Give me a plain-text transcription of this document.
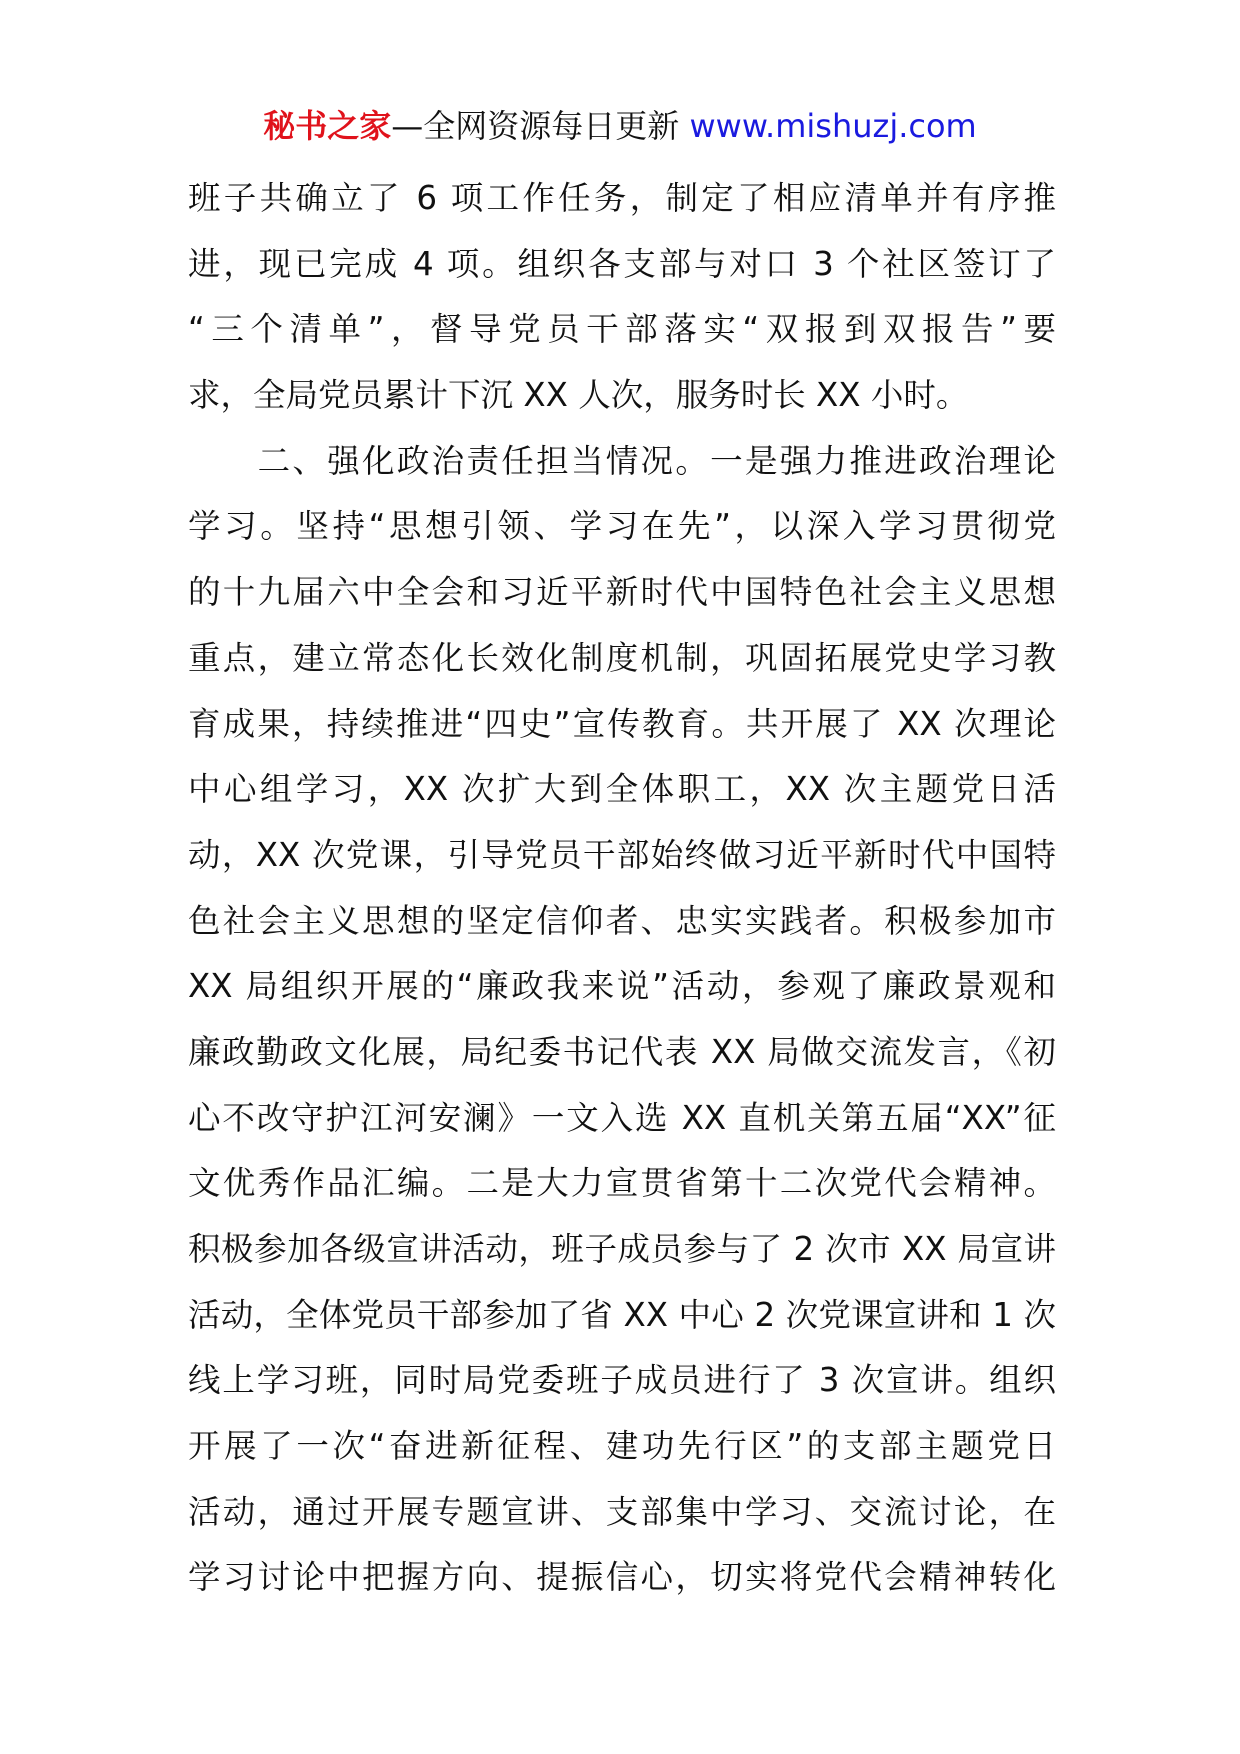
秘书之家—全网资源每日更新 www.mishuzj.com
班子共确立了 6 项工作任务，制定了相应清单并有序推
进，现已完成 4 项。组织各支部与对口 3 个社区签订了
“三个清单”，督导党员干部落实“双报到双报告”要
求，全局党员累计下沉 XX 人次，服务时长 XX 小时。
　　二、强化政治责任担当情况。一是强力推进政治理论
学习。坚持“思想引领、学习在先”，以深入学习贯彻党
的十九届六中全会和习近平新时代中国特色社会主义思想
重点，建立常态化长效化制度机制，巩固拓展党史学习教
育成果，持续推进“四史”宣传教育。共开展了 XX 次理论
中心组学习，XX 次扩大到全体职工，XX 次主题党日活
动，XX 次党课，引导党员干部始终做习近平新时代中国特
色社会主义思想的坚定信仰者、忠实实践者。积极参加市
XX 局组织开展的“廉政我来说”活动，参观了廉政景观和
廉政勤政文化展，局纪委书记代表 XX 局做交流发言，《初
心不改守护江河安澜》一文入选 XX 直机关第五届“XX”征
文优秀作品汇编。二是大力宣贯省第十二次党代会精神。
积极参加各级宣讲活动，班子成员参与了 2 次市 XX 局宣讲
活动，全体党员干部参加了省 XX 中心 2 次党课宣讲和 1 次
线上学习班，同时局党委班子成员进行了 3 次宣讲。组织
开展了一次“奋进新征程、建功先行区”的支部主题党日
活动，通过开展专题宣讲、支部集中学习、交流讨论，在
学习讨论中把握方向、提振信心，切实将党代会精神转化
